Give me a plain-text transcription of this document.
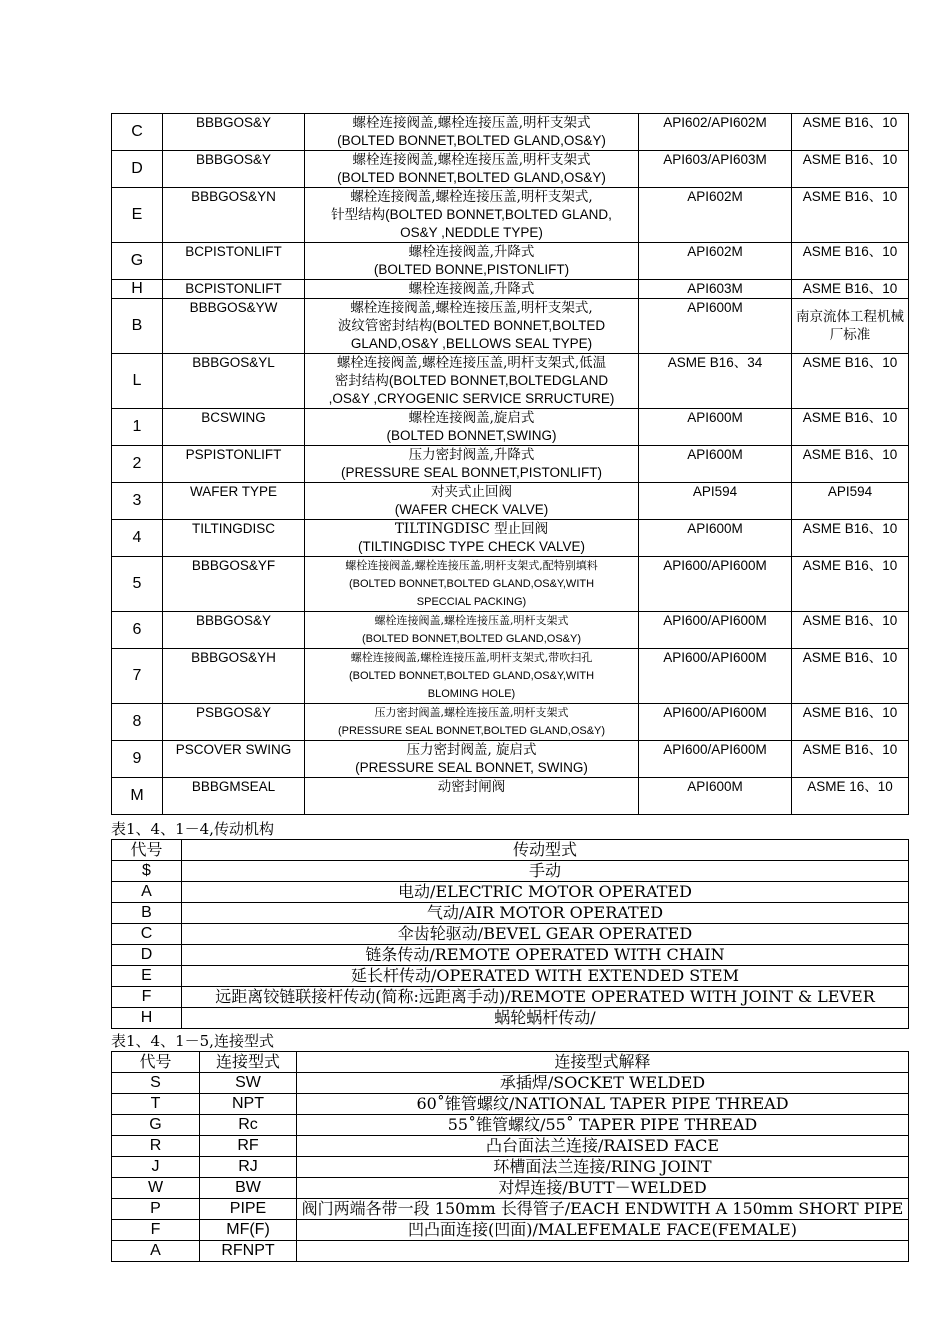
C	BBBGOS&Y	螺栓连接阀盖,螺栓连接压盖,明杆支架式
(BOLTED BONNET,BOLTED GLAND,OS&Y)	API602/API602M	ASME B16、10
D	BBBGOS&Y	螺栓连接阀盖,螺栓连接压盖,明杆支架式
(BOLTED BONNET,BOLTED GLAND,OS&Y)	API603/API603M	ASME B16、10
E	BBBGOS&YN	螺栓连接阀盖,螺栓连接压盖,明杆支架式,
针型结构(BOLTED BONNET,BOLTED GLAND,
OS&Y ,NEDDLE TYPE)	API602M	ASME B16、10
G	BCPISTONLIFT	螺栓连接阀盖,升降式
(BOLTED BONNE,PISTONLIFT)	API602M	ASME B16、10
H	BCPISTONLIFT	螺栓连接阀盖,升降式	API603M	ASME B16、10
B	BBBGOS&YW	螺栓连接阀盖,螺栓连接压盖,明杆支架式,
波纹管密封结构(BOLTED BONNET,BOLTED
GLAND,OS&Y ,BELLOWS SEAL TYPE)	API600M	南京流体工程机械厂标准
L	BBBGOS&YL	螺栓连接阀盖,螺栓连接压盖,明杆支架式,低温
密封结构(BOLTED BONNET,BOLTEDGLAND
,OS&Y ,CRYOGENIC SERVICE SRRUCTURE)	ASME B16、34	ASME B16、10
1	BCSWING	螺栓连接阀盖,旋启式
(BOLTED BONNET,SWING)	API600M	ASME B16、10
2	PSPISTONLIFT	压力密封阀盖,升降式
(PRESSURE SEAL BONNET,PISTONLIFT)	API600M	ASME B16、10
3	WAFER TYPE	对夹式止回阀
(WAFER CHECK VALVE)	API594	API594
4	TILTINGDISC	TILTINGDISC 型止回阀
(TILTINGDISC TYPE CHECK VALVE)	API600M	ASME B16、10
5	BBBGOS&YF	螺栓连接阀盖,螺栓连接压盖,明杆支架式,配特别填料
(BOLTED BONNET,BOLTED GLAND,OS&Y,WITH
SPECCIAL PACKING)	API600/API600M	ASME B16、10
6	BBBGOS&Y	螺栓连接阀盖,螺栓连接压盖,明杆支架式
(BOLTED BONNET,BOLTED GLAND,OS&Y)	API600/API600M	ASME B16、10
7	BBBGOS&YH	螺栓连接阀盖,螺栓连接压盖,明杆支架式,带吹扫孔
(BOLTED BONNET,BOLTED GLAND,OS&Y,WITH
BLOMING HOLE)	API600/API600M	ASME B16、10
8	PSBGOS&Y	压力密封阀盖,螺栓连接压盖,明杆支架式
(PRESSURE SEAL BONNET,BOLTED GLAND,OS&Y)	API600/API600M	ASME B16、10
9	PSCOVER SWING	压力密封阀盖, 旋启式
(PRESSURE SEAL BONNET, SWING)	API600/API600M	ASME B16、10
M	BBBGMSEAL	动密封闸阀	API600M	ASME 16、10
表1、4、1－4,传动机构
代号	传动型式
$	手动
A	电动/ELECTRIC MOTOR OPERATED
B	气动/AIR MOTOR OPERATED
C	伞齿轮驱动/BEVEL GEAR OPERATED
D	链条传动/REMOTE OPERATED WITH CHAIN
E	延长杆传动/OPERATED WITH EXTENDED STEM
F	远距离铰链联接杆传动(简称:远距离手动)/REMOTE OPERATED WITH JOINT & LEVER
H	蜗轮蜗杆传动/
表1、4、1－5,连接型式
代号	连接型式	连接型式解释
S	SW	承插焊/SOCKET WELDED
T	NPT	60˚锥管螺纹/NATIONAL TAPER PIPE THREAD
G	Rc	55˚锥管螺纹/55˚ TAPER PIPE THREAD
R	RF	凸台面法兰连接/RAISED FACE
J	RJ	环槽面法兰连接/RING JOINT
W	BW	对焊连接/BUTT－WELDED
P	PIPE	阀门两端各带一段 150mm 长得管子/EACH ENDWITH A 150mm SHORT PIPE
F	MF(F)	凹凸面连接(凹面)/MALEFEMALE FACE(FEMALE)
A	RFNPT	
